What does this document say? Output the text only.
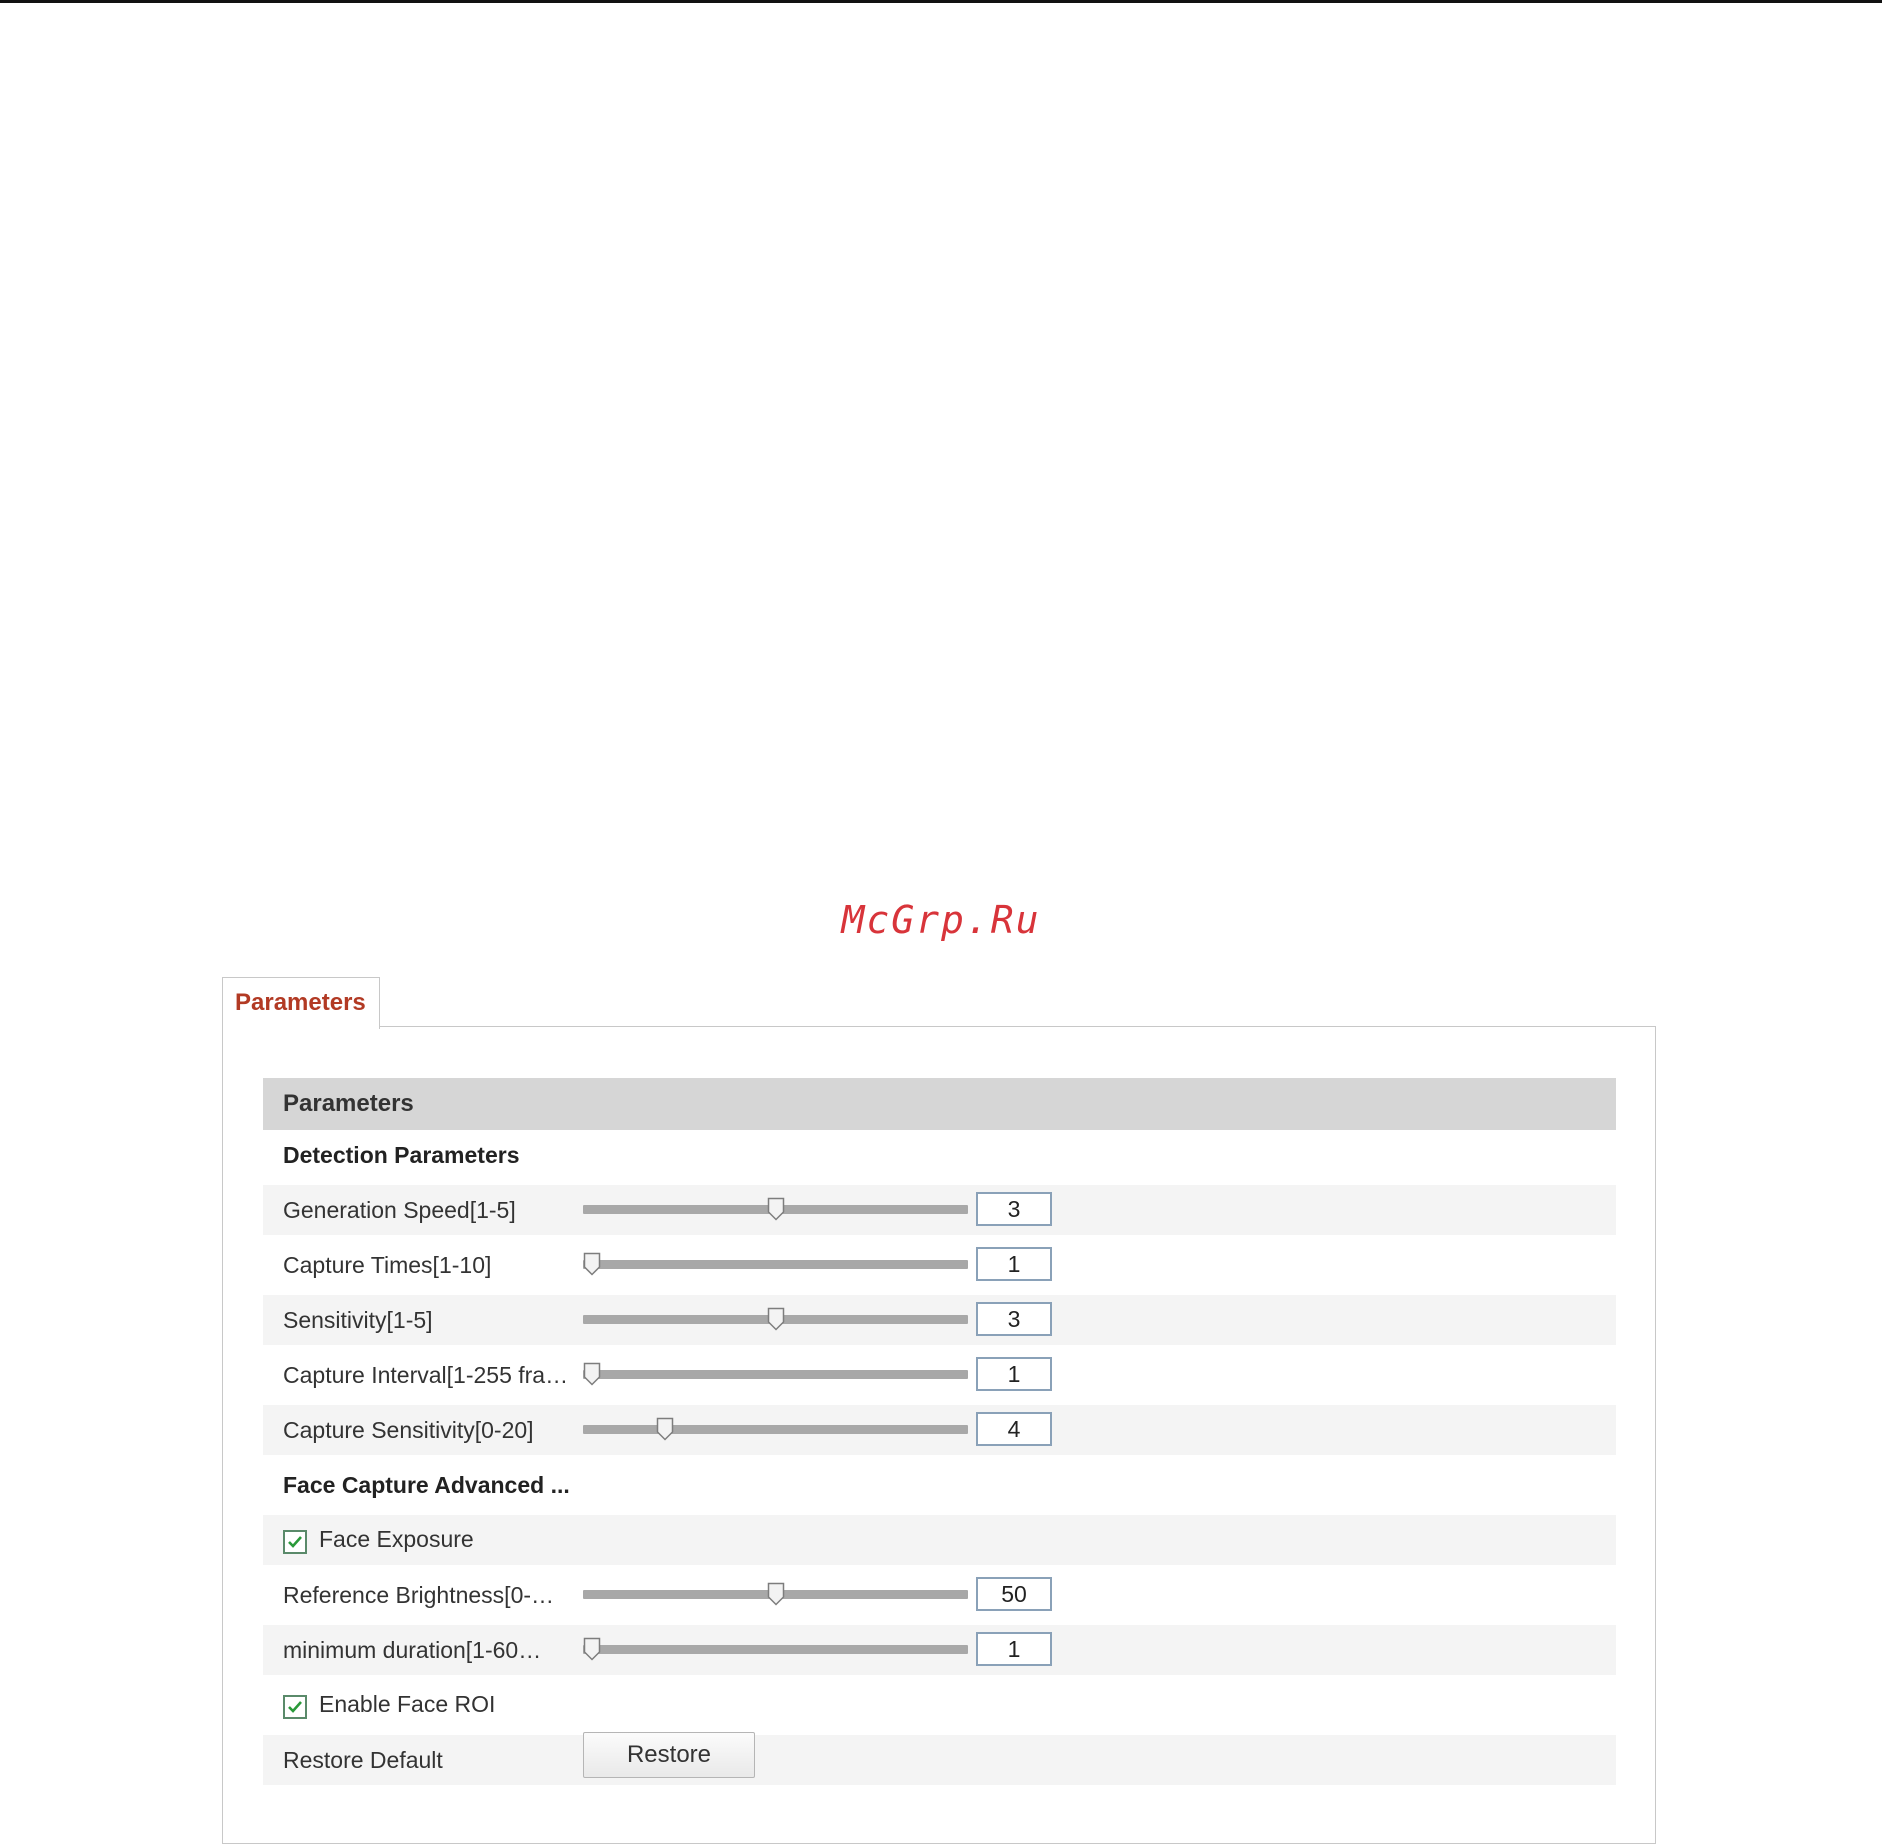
McGrp.Ru
Parameters
Parameters
Detection Parameters
Generation Speed[1-5]	3
Capture Times[1-10]	1
Sensitivity[1-5]	3
Capture Interval[1-255 fra…	1
Capture Sensitivity[0-20]	4
Face Capture Advanced ...
Face Exposure
Reference Brightness[0-…	50
minimum duration[1-60…	1
Enable Face ROI
Restore Default	Restore
